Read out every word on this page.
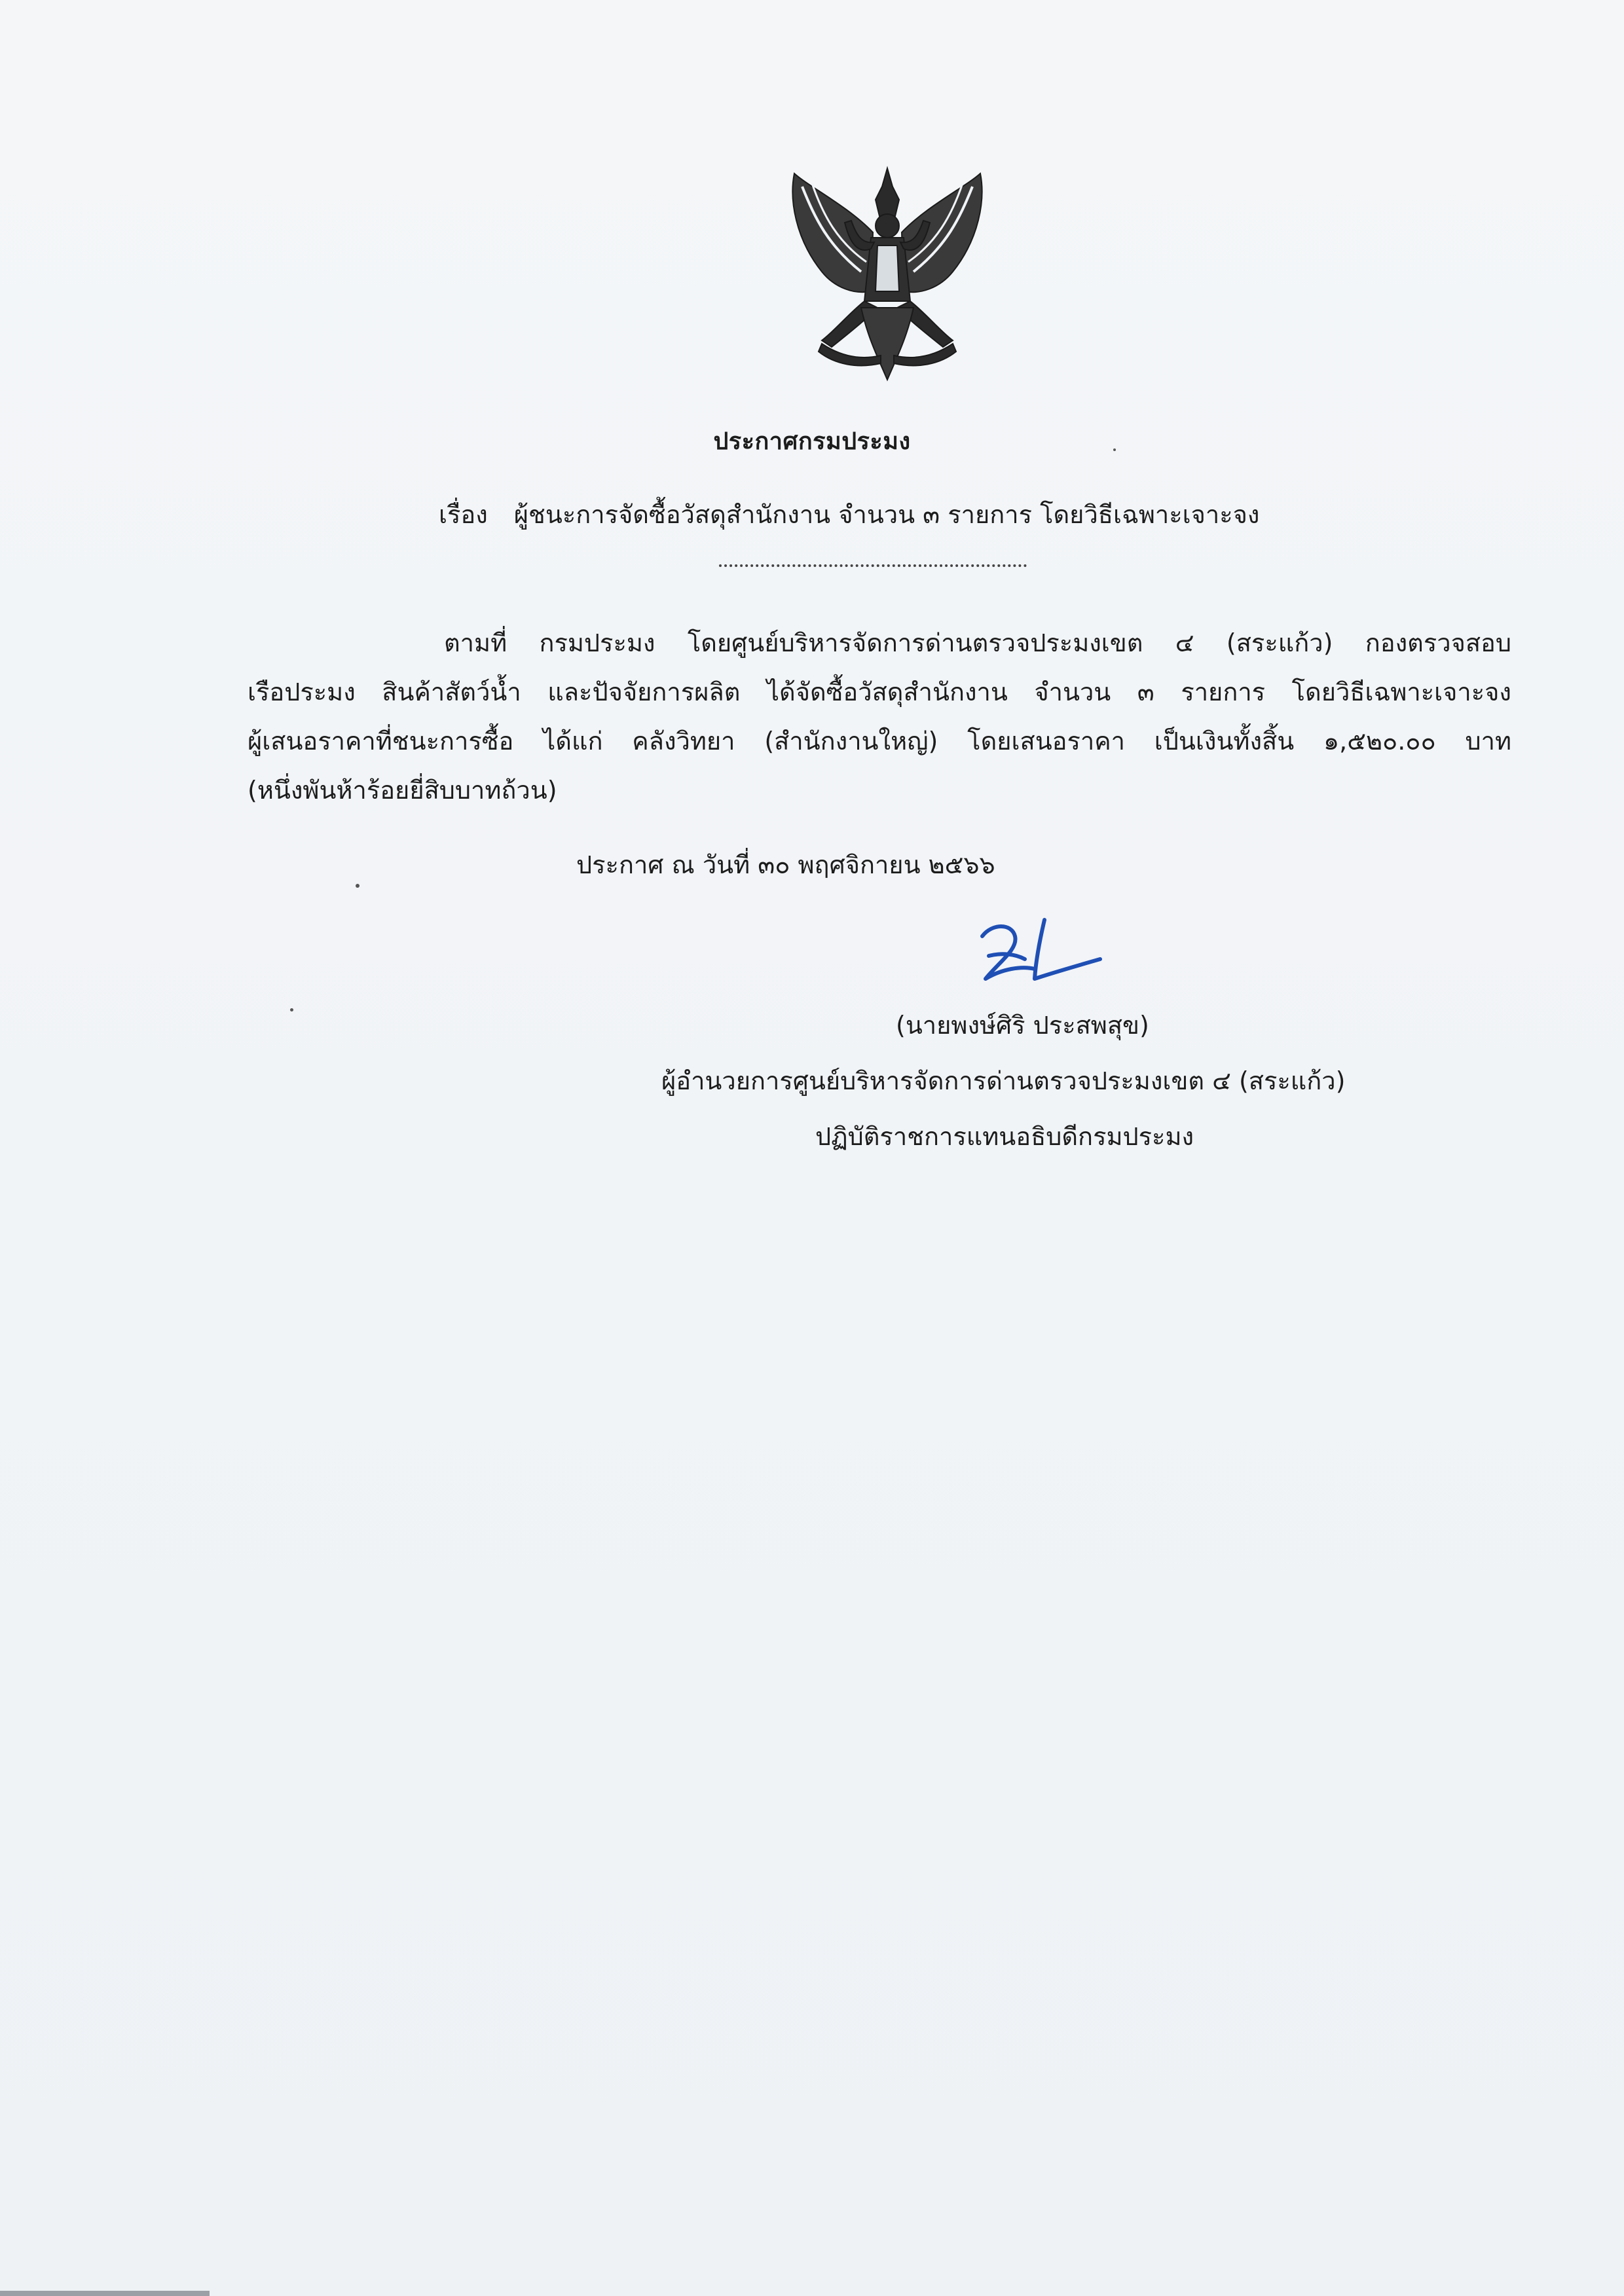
ประกาศกรมประมง
เรื่อง ผู้ชนะการจัดซื้อวัสดุสำนักงาน จำนวน ๓ รายการ โดยวิธีเฉพาะเจาะจง
ตามที่ กรมประมง โดยศูนย์บริหารจัดการด่านตรวจประมงเขต ๔ (สระแก้ว) กองตรวจสอบ
เรือประมง สินค้าสัตว์น้ำ และปัจจัยการผลิต ได้จัดซื้อวัสดุสำนักงาน จำนวน ๓ รายการ โดยวิธีเฉพาะเจาะจง
ผู้เสนอราคาที่ชนะการซื้อ ได้แก่ คลังวิทยา (สำนักงานใหญ่) โดยเสนอราคา เป็นเงินทั้งสิ้น ๑,๕๒๐.๐๐ บาท
(หนึ่งพันห้าร้อยยี่สิบบาทถ้วน)
ประกาศ ณ วันที่ ๓๐ พฤศจิกายน ๒๕๖๖
(นายพงษ์ศิริ ประสพสุข)
ผู้อำนวยการศูนย์บริหารจัดการด่านตรวจประมงเขต ๔ (สระแก้ว)
ปฏิบัติราชการแทนอธิบดีกรมประมง
